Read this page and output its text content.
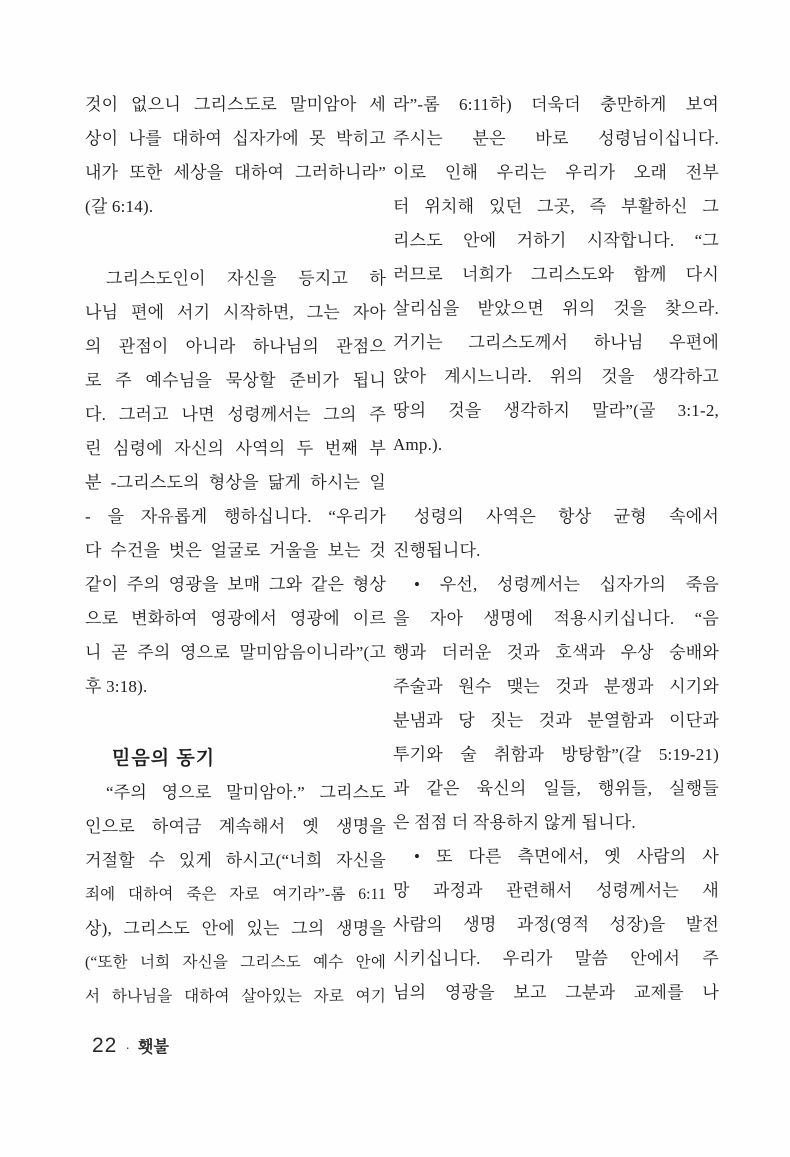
것이 없으니 그리스도로 말미암아 세
상이 나를 대하여 십자가에 못 박히고
내가 또한 세상을 대하여 그러하니라”
(갈 6:14).
그리스도인이 자신을 등지고 하
나님 편에 서기 시작하면, 그는 자아
의 관점이 아니라 하나님의 관점으
로 주 예수님을 묵상할 준비가 됩니
다. 그러고 나면 성령께서는 그의 주
린 심령에 자신의 사역의 두 번째 부
분 -그리스도의 형상을 닮게 하시는 일
- 을 자유롭게 행하십니다. “우리가
다 수건을 벗은 얼굴로 거울을 보는 것
같이 주의 영광을 보매 그와 같은 형상
으로 변화하여 영광에서 영광에 이르
니 곧 주의 영으로 말미암음이니라”(고
후 3:18).
믿음의 동기
“주의 영으로 말미암아.” 그리스도
인으로 하여금 계속해서 옛 생명을
거절할 수 있게 하시고(“너희 자신을
죄에 대하여 죽은 자로 여기라”-롬 6:11
상), 그리스도 안에 있는 그의 생명을
(“또한 너희 자신을 그리스도 예수 안에
서 하나님을 대하여 살아있는 자로 여기
라”-롬 6:11하) 더욱더 충만하게 보여
주시는 분은 바로 성령님이십니다.
이로 인해 우리는 우리가 오래 전부
터 위치해 있던 그곳, 즉 부활하신 그
리스도 안에 거하기 시작합니다. “그
러므로 너희가 그리스도와 함께 다시
살리심을 받았으면 위의 것을 찾으라.
거기는 그리스도께서 하나님 우편에
앉아 계시느니라. 위의 것을 생각하고
땅의 것을 생각하지 말라”(골 3:1-2,
Amp.).
성령의 사역은 항상 균형 속에서
진행됩니다.
• 우선, 성령께서는 십자가의 죽음
을 자아 생명에 적용시키십니다. “음
행과 더러운 것과 호색과 우상 숭배와
주술과 원수 맺는 것과 분쟁과 시기와
분냄과 당 짓는 것과 분열함과 이단과
투기와 술 취함과 방탕함”(갈 5:19-21)
과 같은 육신의 일들, 행위들, 실행들
은 점점 더 작용하지 않게 됩니다.
• 또 다른 측면에서, 옛 사람의 사
망 과정과 관련해서 성령께서는 새
사람의 생명 과정(영적 성장)을 발전
시키십니다. 우리가 말씀 안에서 주
님의 영광을 보고 그분과 교제를 나
22 · 횃불
